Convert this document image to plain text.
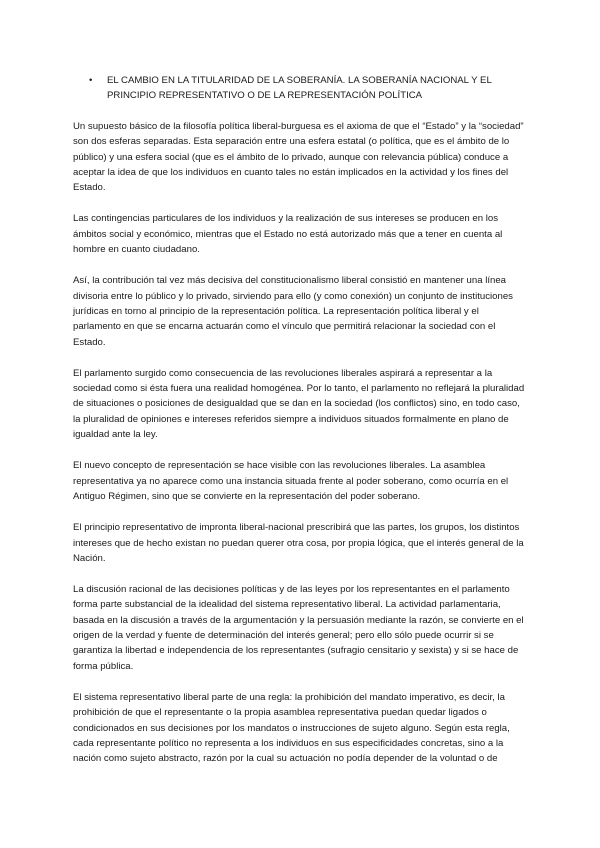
•	EL CAMBIO EN LA TITULARIDAD DE LA SOBERANÍA. LA SOBERANÍA NACIONAL Y EL PRINCIPIO REPRESENTATIVO O DE LA REPRESENTACIÓN POLÍTICA

Un supuesto básico de la filosofía política liberal-burguesa es el axioma de que el “Estado” y la “sociedad” son dos esferas separadas. Esta separación entre una esfera estatal (o política, que es el ámbito de lo público) y una esfera social (que es el ámbito de lo privado, aunque con relevancia pública) conduce a aceptar la idea de que los individuos en cuanto tales no están implicados en la actividad y los fines del Estado.

Las contingencias particulares de los individuos y la realización de sus intereses se producen en los ámbitos social y económico, mientras que el Estado no está autorizado más que a tener en cuenta al hombre en cuanto ciudadano.

Así, la contribución tal vez más decisiva del constitucionalismo liberal consistió en mantener una línea divisoria entre lo público y lo privado, sirviendo para ello (y como conexión) un conjunto de instituciones jurídicas en torno al principio de la representación política. La representación política liberal y el parlamento en que se encarna actuarán como el vínculo que permitirá relacionar la sociedad con el Estado.

El parlamento surgido como consecuencia de las revoluciones liberales aspirará a representar a la sociedad como si ésta fuera una realidad homogénea. Por lo tanto, el parlamento no reflejará la pluralidad de situaciones o posiciones de desigualdad que se dan en la sociedad (los conflictos) sino, en todo caso, la pluralidad de opiniones e intereses referidos siempre a individuos situados formalmente en plano de igualdad ante la ley.

El nuevo concepto de representación se hace visible con las revoluciones liberales. La asamblea representativa ya no aparece como una instancia situada frente al poder soberano, como ocurría en el Antiguo Régimen, sino que se convierte en la representación del poder soberano.

El principio representativo de impronta liberal-nacional prescribirá que las partes, los grupos, los distintos intereses que de hecho existan no puedan querer otra cosa, por propia lógica, que el interés general de la Nación.

La discusión racional de las decisiones políticas y de las leyes por los representantes en el parlamento forma parte substancial de la idealidad del sistema representativo liberal. La actividad parlamentaria, basada en la discusión a través de la argumentación y la persuasión mediante la razón, se convierte en el origen de la verdad y fuente de determinación del interés general; pero ello sólo puede ocurrir si se garantiza la libertad e independencia de los representantes (sufragio censitario y sexista) y si se hace de forma pública.

El sistema representativo liberal parte de una regla: la prohibición del mandato imperativo, es decir, la prohibición de que el representante o la propia asamblea representativa puedan quedar ligados o condicionados en sus decisiones por los mandatos o instrucciones de sujeto alguno. Según esta regla, cada representante político no representa a los individuos en sus especificidades concretas, sino a la nación como sujeto abstracto, razón por la cual su actuación no podía depender de la voluntad o de
